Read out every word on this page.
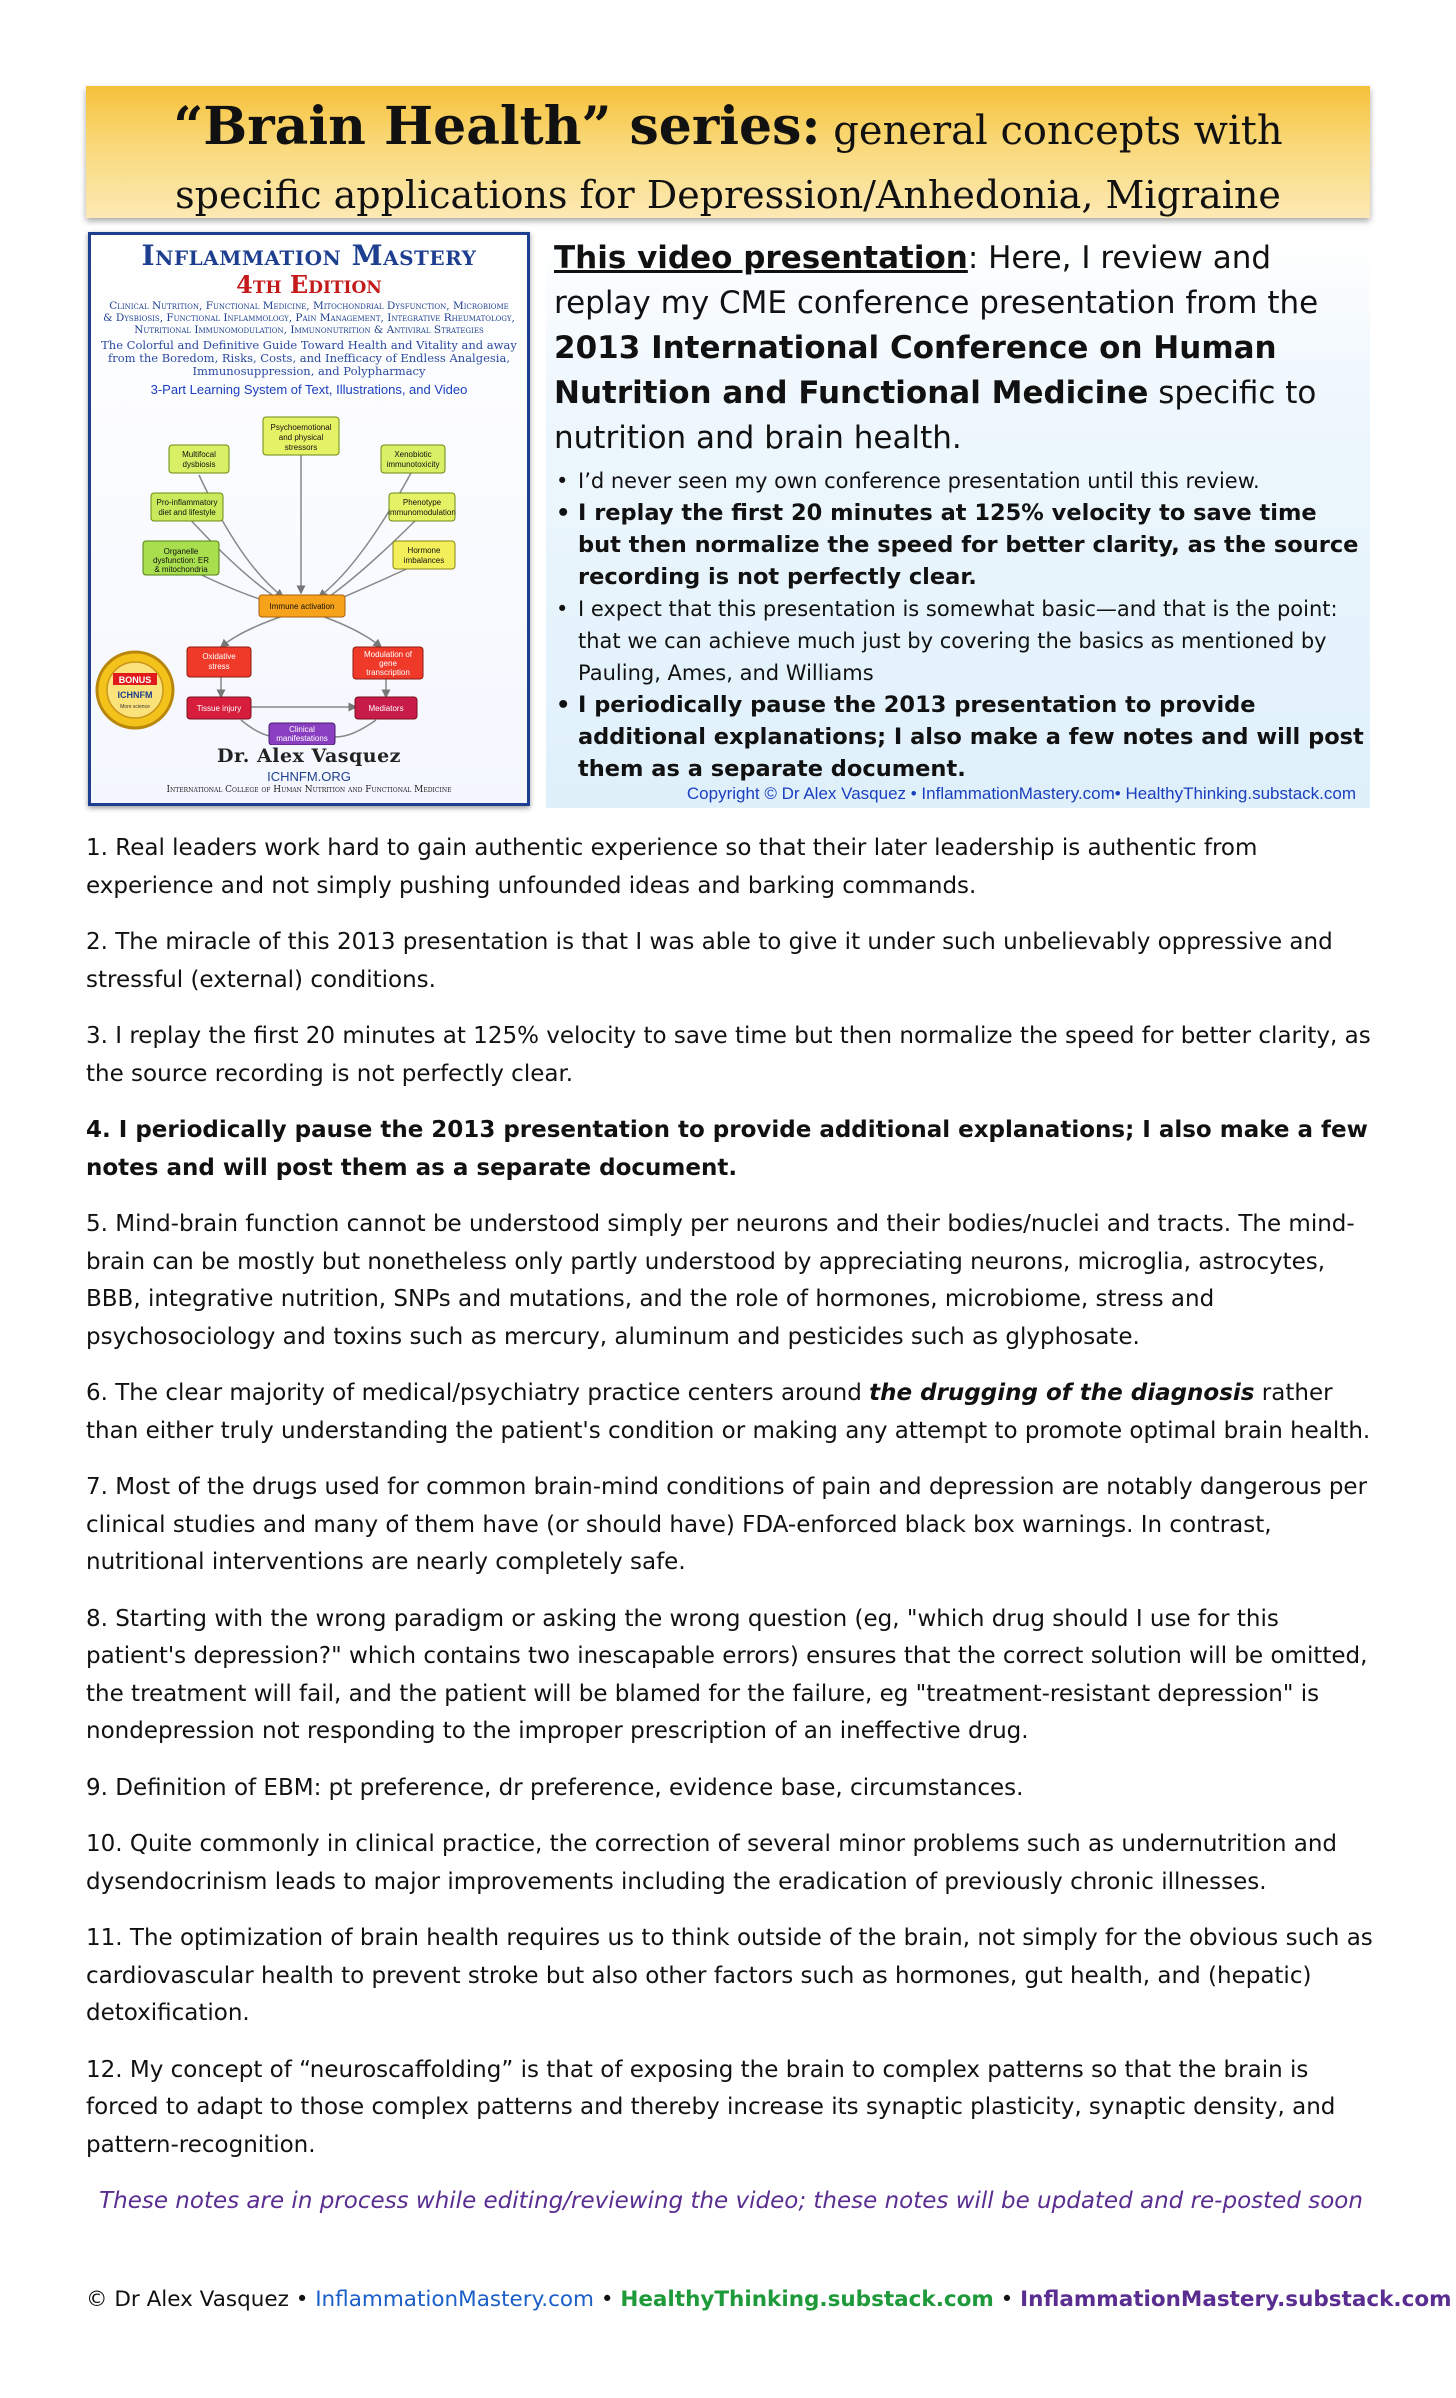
“Brain Health” series: general concepts with
specific applications for Depression/Anhedonia, Migraine
Inflammation Mastery
4th Edition
Clinical Nutrition, Functional Medicine, Mitochondrial Dysfunction, Microbiome & Dysbiosis, Functional Inflammology, Pain Management, Integrative Rheumatology, Nutritional Immunomodulation, Immunonutrition & Antiviral Strategies
The Colorful and Definitive Guide Toward Health and Vitality and away from the Boredom, Risks, Costs, and Inefficacy of Endless Analgesia, Immunosuppression, and Polypharmacy
3-Part Learning System of Text, Illustrations, and Video
Multifocal dysbiosis
Psychoemotional and physical stressors
Xenobiotic immunotoxicity
Pro-inflammatory diet and lifestyle
Phenotype immunomodulation
Organelle dysfunction: ER & mitochondria
Hormone imbalances
Immune activation
Oxidative stress
Modulation of gene transcription
Tissue injury	Mediators
Clinical manifestations
BONUS
ICHNFM
More science
Dr. Alex Vasquez
ICHNFM.ORG
International College of Human Nutrition and Functional Medicine
This video presentation: Here, I review and replay my CME conference presentation from the 2013 International Conference on Human Nutrition and Functional Medicine specific to nutrition and brain health.
• I’d never seen my own conference presentation until this review.
• I replay the first 20 minutes at 125% velocity to save time but then normalize the speed for better clarity, as the source recording is not perfectly clear.
• I expect that this presentation is somewhat basic—and that is the point: that we can achieve much just by covering the basics as mentioned by Pauling, Ames, and Williams
• I periodically pause the 2013 presentation to provide additional explanations; I also make a few notes and will post them as a separate document.
Copyright © Dr Alex Vasquez • InflammationMastery.com• HealthyThinking.substack.com

1. Real leaders work hard to gain authentic experience so that their later leadership is authentic from experience and not simply pushing unfounded ideas and barking commands.

2. The miracle of this 2013 presentation is that I was able to give it under such unbelievably oppressive and stressful (external) conditions.

3. I replay the first 20 minutes at 125% velocity to save time but then normalize the speed for better clarity, as the source recording is not perfectly clear.

4. I periodically pause the 2013 presentation to provide additional explanations; I also make a few notes and will post them as a separate document.

5. Mind-brain function cannot be understood simply per neurons and their bodies/nuclei and tracts. The mind-brain can be mostly but nonetheless only partly understood by appreciating neurons, microglia, astrocytes, BBB, integrative nutrition, SNPs and mutations, and the role of hormones, microbiome, stress and psychosociology and toxins such as mercury, aluminum and pesticides such as glyphosate.

6. The clear majority of medical/psychiatry practice centers around the drugging of the diagnosis rather than either truly understanding the patient's condition or making any attempt to promote optimal brain health.

7. Most of the drugs used for common brain-mind conditions of pain and depression are notably dangerous per clinical studies and many of them have (or should have) FDA-enforced black box warnings. In contrast, nutritional interventions are nearly completely safe.

8. Starting with the wrong paradigm or asking the wrong question (eg, "which drug should I use for this patient's depression?" which contains two inescapable errors) ensures that the correct solution will be omitted, the treatment will fail, and the patient will be blamed for the failure, eg "treatment-resistant depression" is nondepression not responding to the improper prescription of an ineffective drug.

9. Definition of EBM: pt preference, dr preference, evidence base, circumstances.

10. Quite commonly in clinical practice, the correction of several minor problems such as undernutrition and dysendocrinism leads to major improvements including the eradication of previously chronic illnesses.

11. The optimization of brain health requires us to think outside of the brain, not simply for the obvious such as cardiovascular health to prevent stroke but also other factors such as hormones, gut health, and (hepatic) detoxification.

12. My concept of “neuroscaffolding” is that of exposing the brain to complex patterns so that the brain is forced to adapt to those complex patterns and thereby increase its synaptic plasticity, synaptic density, and pattern-recognition.

These notes are in process while editing/reviewing the video; these notes will be updated and re-posted soon
© Dr Alex Vasquez • InflammationMastery.com • HealthyThinking.substack.com • InflammationMastery.substack.com
